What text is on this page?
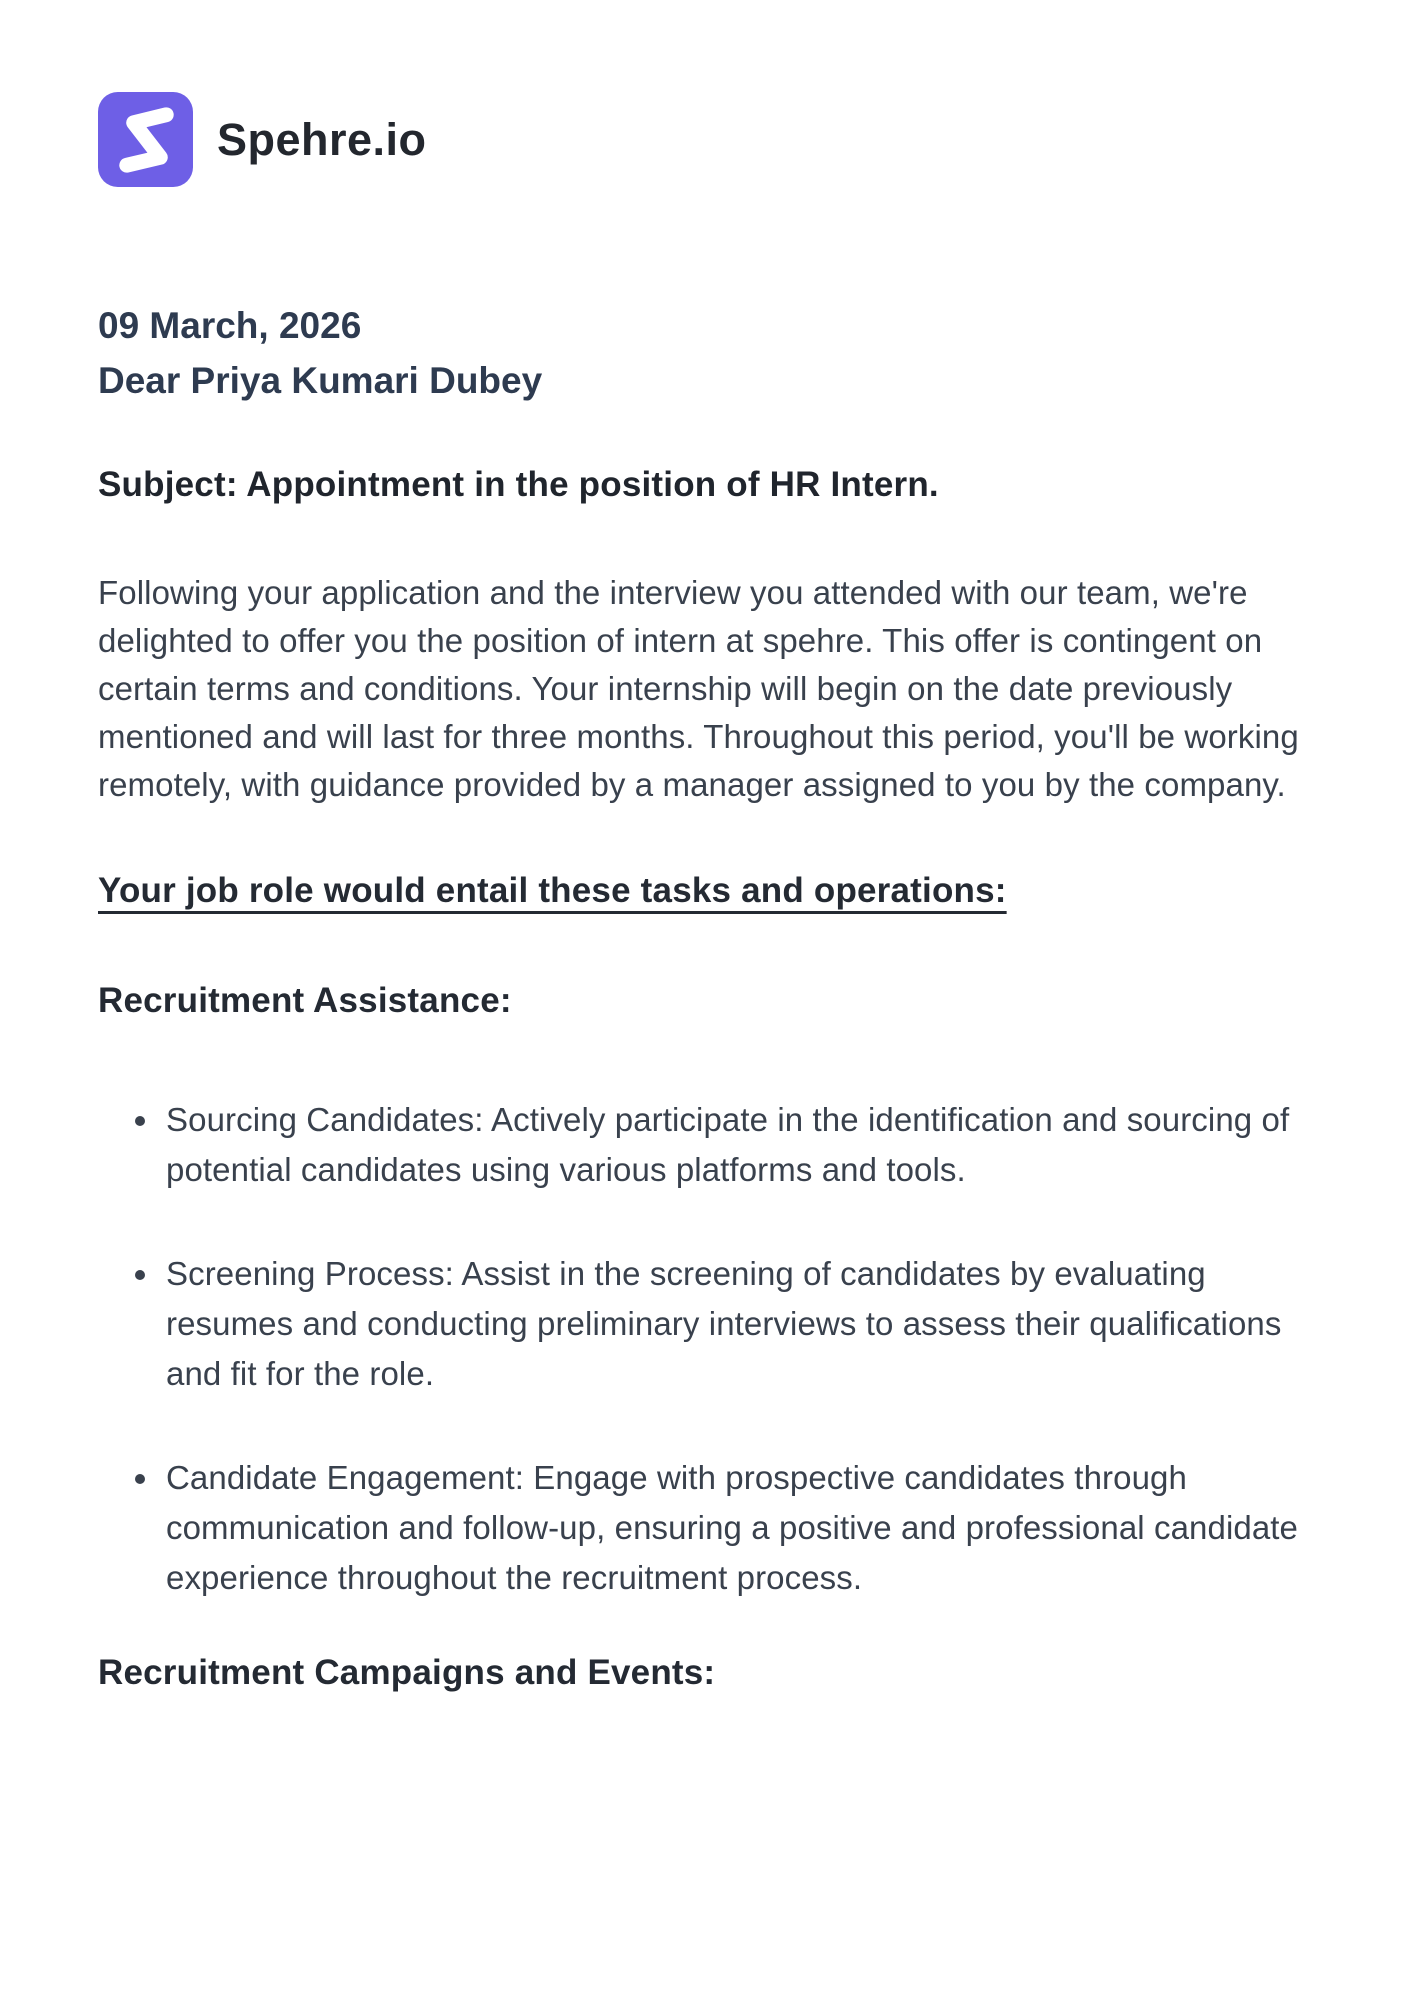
Spehre.io
09 March, 2026
Dear Priya Kumari Dubey
Subject: Appointment in the position of HR Intern.

Following your application and the interview you attended with our team, we're delighted to offer you the position of intern at spehre. This offer is contingent on certain terms and conditions. Your internship will begin on the date previously mentioned and will last for three months. Throughout this period, you'll be working remotely, with guidance provided by a manager assigned to you by the company.

Your job role would entail these tasks and operations:
Recruitment Assistance:
• Sourcing Candidates: Actively participate in the identification and sourcing of potential candidates using various platforms and tools.
• Screening Process: Assist in the screening of candidates by evaluating resumes and conducting preliminary interviews to assess their qualifications and fit for the role.
• Candidate Engagement: Engage with prospective candidates through communication and follow-up, ensuring a positive and professional candidate experience throughout the recruitment process.
Recruitment Campaigns and Events:
